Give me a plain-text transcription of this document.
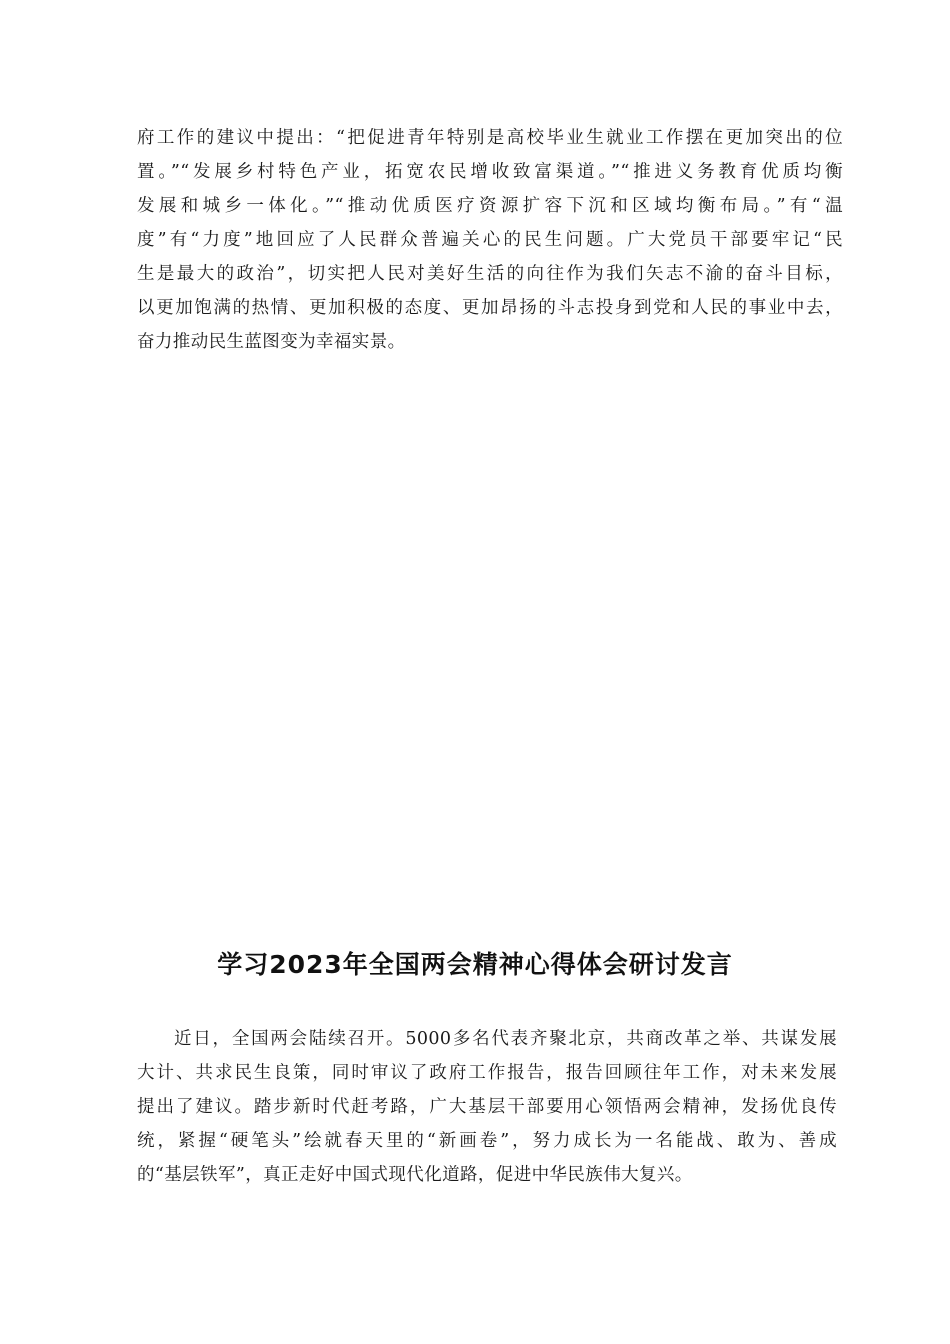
府工作的建议中提出：“把促进青年特别是高校毕业生就业工作摆在更加突出的位
置。”“发展乡村特色产业，拓宽农民增收致富渠道。”“推进义务教育优质均衡
发展和城乡一体化。”“推动优质医疗资源扩容下沉和区域均衡布局。”有“温
度”有“力度”地回应了人民群众普遍关心的民生问题。广大党员干部要牢记“民
生是最大的政治”，切实把人民对美好生活的向往作为我们矢志不渝的奋斗目标，
以更加饱满的热情、更加积极的态度、更加昂扬的斗志投身到党和人民的事业中去，
奋力推动民生蓝图变为幸福实景。
学习2023年全国两会精神心得体会研讨发言
近日，全国两会陆续召开。5000多名代表齐聚北京，共商改革之举、共谋发展
大计、共求民生良策，同时审议了政府工作报告，报告回顾往年工作，对未来发展
提出了建议。踏步新时代赶考路，广大基层干部要用心领悟两会精神，发扬优良传
统，紧握“硬笔头”绘就春天里的“新画卷”，努力成长为一名能战、敢为、善成
的“基层铁军”，真正走好中国式现代化道路，促进中华民族伟大复兴。
